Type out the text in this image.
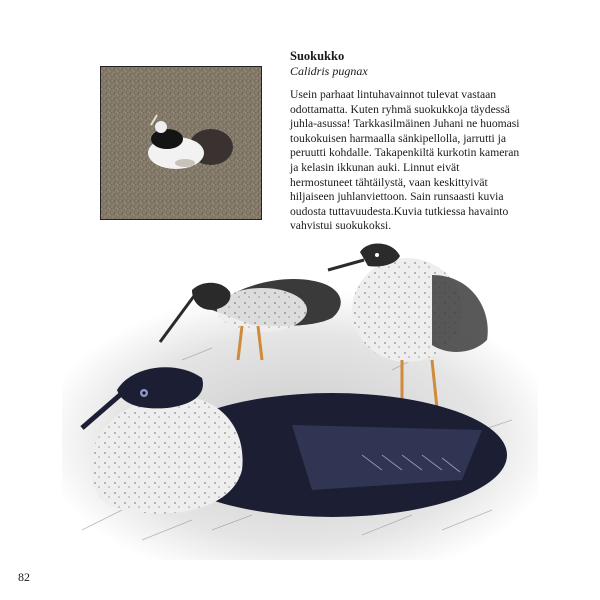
Suokukko
Calidris pugnax

Usein parhaat lintuhavainnot tulevat vastaan odottamatta. Kuten ryhmä suokukkoja täydessä juhla-asussa! Tarkkasilmäinen Juhani ne huomasi toukokuisen harmaalla sänkipellolla, jarrutti ja peruutti kohdalle. Takapenkiltä kurkotin kameran ja kelasin ikkunan auki. Linnut eivät hermostuneet tähtäilystä, vaan keskittyivät hiljaiseen juhlanviettoon. Sain runsaasti kuvia oudosta tuttavuudesta.Kuvia tutkiessa havainto vahvistui suokukoksi.

82
